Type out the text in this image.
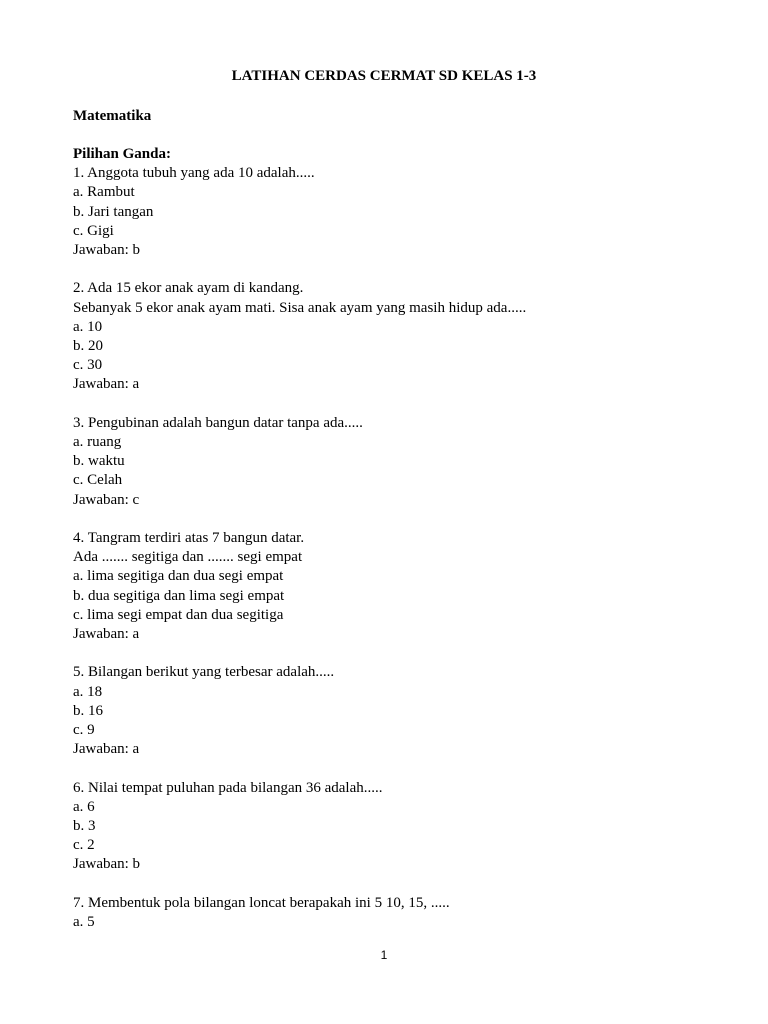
LATIHAN CERDAS CERMAT SD KELAS 1-3
Matematika
Pilihan Ganda:
1. Anggota tubuh yang ada 10 adalah.....
a. Rambut
b. Jari tangan
c. Gigi
Jawaban: b
2. Ada 15 ekor anak ayam di kandang.
Sebanyak 5 ekor anak ayam mati. Sisa anak ayam yang masih hidup ada.....
a. 10
b. 20
c. 30
Jawaban: a
3. Pengubinan adalah bangun datar tanpa ada.....
a. ruang
b. waktu
c. Celah
Jawaban: c
4. Tangram terdiri atas 7 bangun datar.
Ada ....... segitiga dan ....... segi empat
a. lima segitiga dan dua segi empat
b. dua segitiga dan lima segi empat
c. lima segi empat dan dua segitiga
Jawaban: a
5. Bilangan berikut yang terbesar adalah.....
a. 18
b. 16
c. 9
Jawaban: a
6. Nilai tempat puluhan pada bilangan 36 adalah.....
a. 6
b. 3
c. 2
Jawaban: b
7. Membentuk pola bilangan loncat berapakah ini 5 10, 15, .....
a. 5
1
